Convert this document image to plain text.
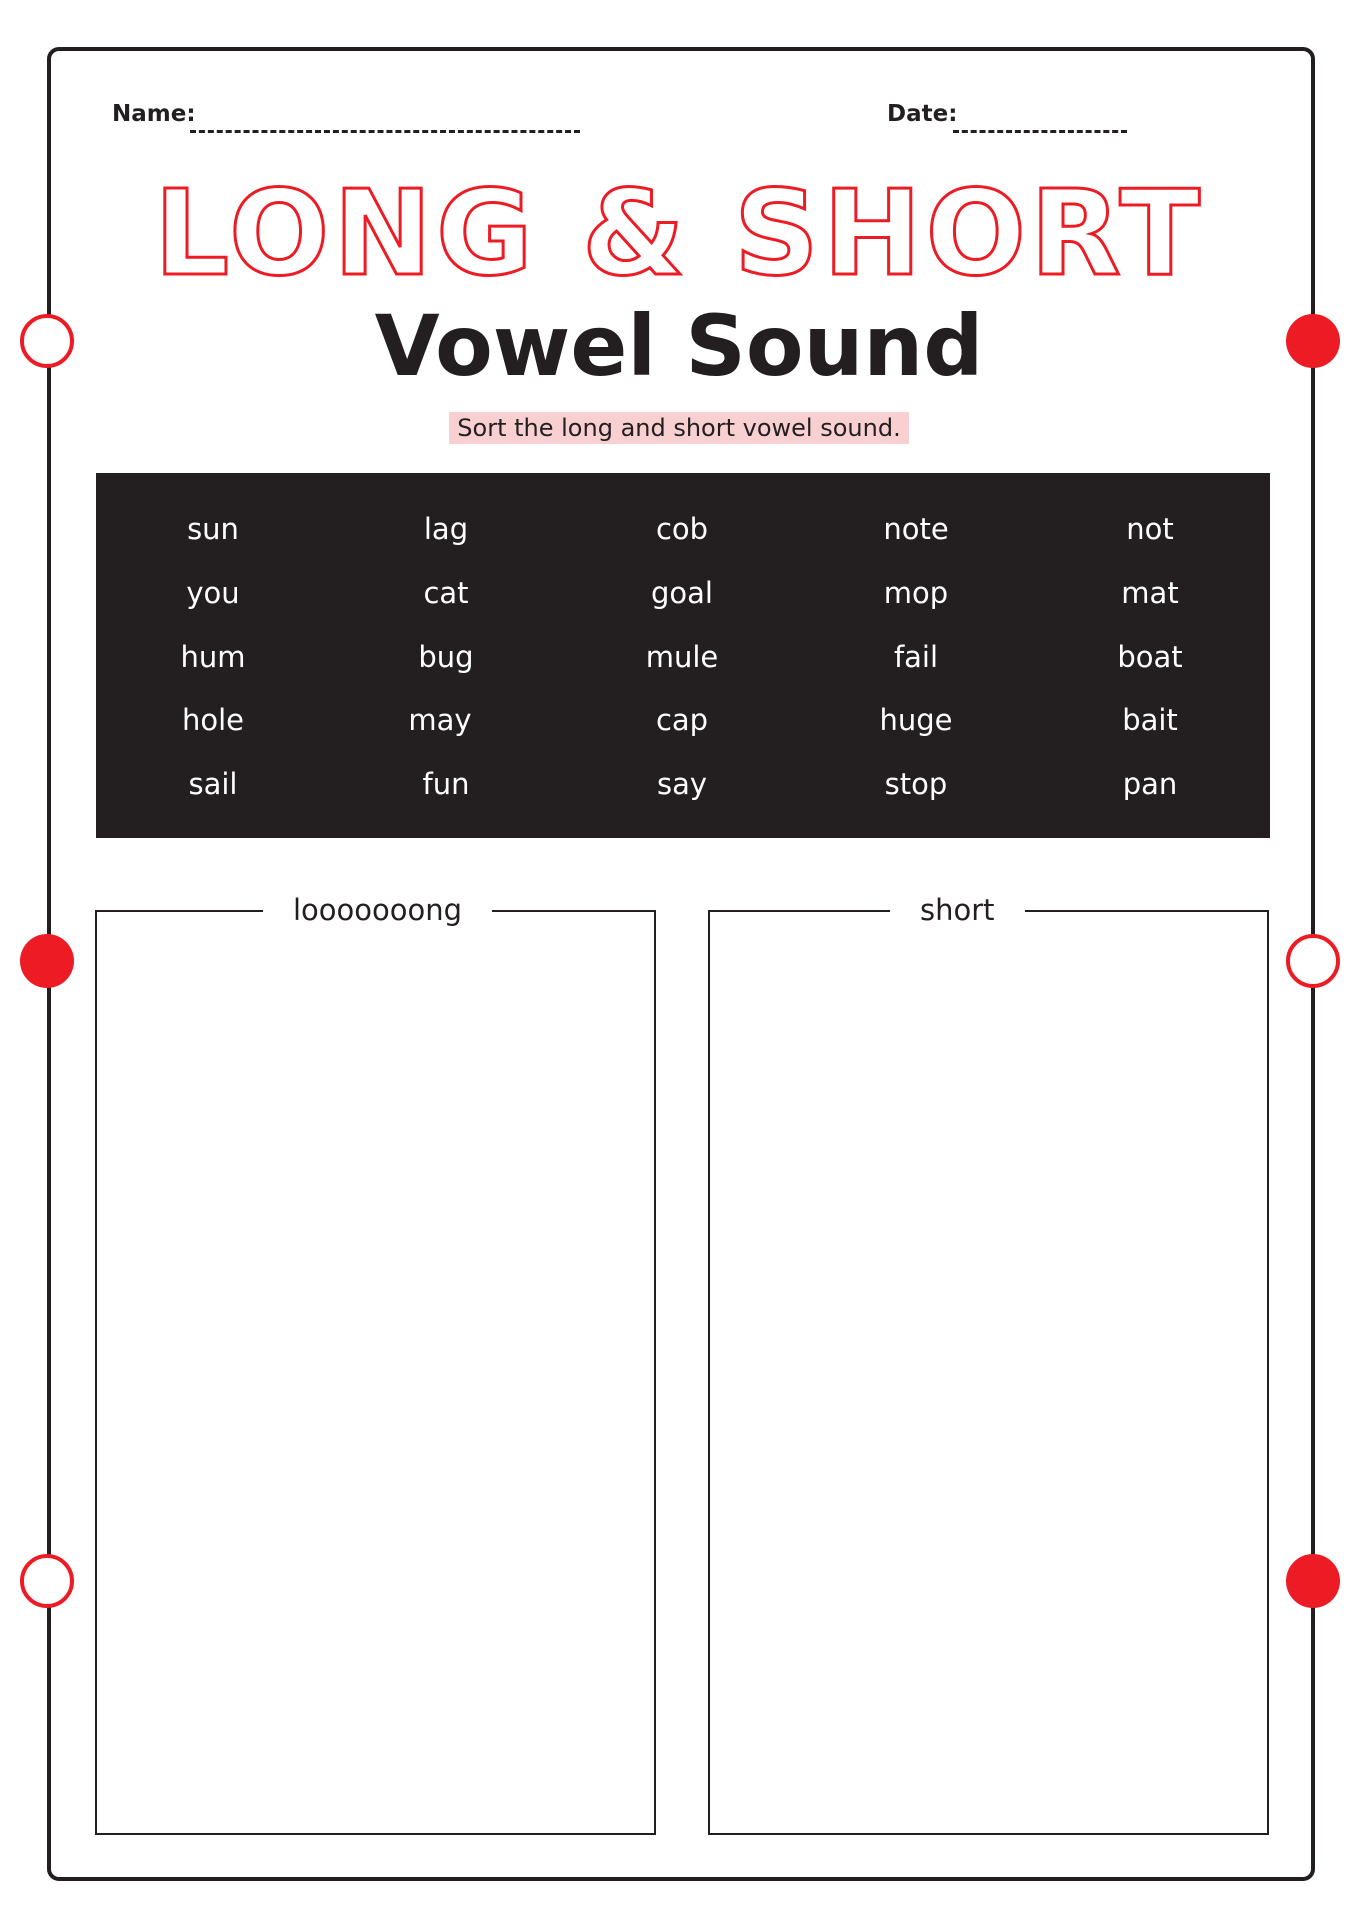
Name:	Date:
LONG & SHORT
Vowel Sound
Sort the long and short vowel sound.
sun	lag	cob	note	not
you	cat	goal	mop	mat
hum	bug	mule	fail	boat
hole	may	cap	huge	bait
sail	fun	say	stop	pan
looooooong	short
